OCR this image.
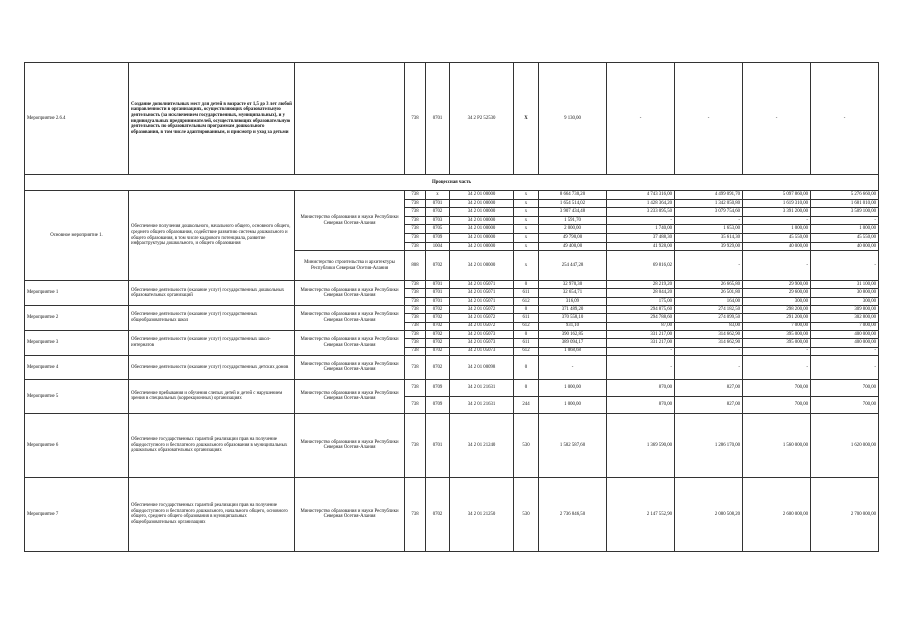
Мероприятие 2.6.4	Создание дополнительных мест для детей в возрасте от 1,5 до 3 лет любой направленности в организациях, осуществляющих образовательную деятельность (за исключением государственных, муниципальных), и у индивидуальных предпринимателей, осуществляющих образовательную деятельность по образовательным программам дошкольного образования, в том числе адаптированным, и присмотр и уход за детьми		738	0701	34 2 P2 52530	Х	9 130,00	-	-	-	-
Процессная часть											
Основное мероприятие 1.	Обеспечение получения дошкольного, начального общего, основного общего, среднего общего образования, содействие развитию системы дошкольного и общего образования, в том числе кадрового потенциала, развитие инфраструктуры дошкольного, и общего образования	Министерство образования и науки Республики Северная Осетия-Алания	738	x	34 2 01 00000	x	8 664 730,20	4 743 316,00	4 499 091,70	5 097 860,00	5 276 660,00
			738	0701	34 2 01 00000	x	1 654 514,02	1 428 364,20	1 342 050,80	1 619 310,00	1 681 010,00
			738	0702	34 2 01 00000	x	3 907 434,48	3 233 095,50	3 079 754,60	3 391 200,00	3 509 100,00
			738	0703	34 2 01 00000	x	1 591,70	-	-	-	-
			738	0705	34 2 01 00000	x	2 000,00	1 740,00	1 653,00	1 000,00	1 000,00
			738	0709	34 2 01 00000	x	49 790,00	37 488,30	35 614,30	45 550,00	45 550,00
			738	1004	34 2 01 00000	x	49 400,00	41 928,00	39 929,00	40 000,00	40 000,00
		Министерство строительства и архитектуры Республики Северная Осетия-Алания	808	0702	34 2 01 00000	x	254 447,28	69 816,02	-	-	-
Мероприятие 1	Обеспечение деятельности (оказание услуг) государственных дошкольных образовательных организаций	Министерство образования и науки Республики Северная Осетия-Алания	738	0701	34 2 01 05071	0	32 970,30	28 219,20	26 665,80	29 900,00	31 100,00
			738	0701	34 2 01 05071	611	32 654,71	28 044,20	26 501,80	29 600,00	30 800,00
			738	0701	34 2 01 05071	612	316,09	175,00	164,00	300,00	300,00
Мероприятие 2	Обеспечение деятельности (оказание услуг) государственных общеобразовательных школ	Министерство образования и науки Республики Северная Осетия-Алания	738	0702	34 2 01 05072	0	371 489,20	294 875,60	274 182,50	298 200,00	309 800,00
			738	0702	34 2 01 05072	611	370 558,10	294 788,60	274 099,50	291 200,00	302 800,00
			738	0702	34 2 01 05072	612	931,10	87,00	83,00	7 000,00	7 000,00
Мероприятие 3	Обеспечение деятельности (оказание услуг) государственных школ-интернатов	Министерство образования и науки Республики Северная Осетия-Алания	738	0702	34 2 01 05073	0	390 162,85	331 217,00	314 662,90	395 000,00	400 000,00
			738	0702	34 2 01 05073	611	389 094,17	331 217,00	314 662,90	395 000,00	400 000,00
			738	0702	34 2 01 05073	612	1 068,68	-	-	-	-
Мероприятие 4	Обеспечение деятельности (оказание услуг) государственных детских домов	Министерство образования и науки Республики Северная Осетия-Алания	738	0702	34 2 01 00098	0	-	-	-	-	-
Мероприятие 5	Обеспечение пребывания и обучения слепых детей и детей с нарушением зрения в специальных (коррекционных) организациях	Министерство образования и науки Республики Северная Осетия-Алания	738	0709	34 2 01 21631	0	1 000,00	870,00	827,00	700,00	700,00
			738	0709	34 2 01 21631	244	1 000,00	870,00	827,00	700,00	700,00
Мероприятие 6	Обеспечение государственных гарантий реализации прав на получение общедоступного и бесплатного дошкольного образования в муниципальных дошкольных образовательных организациях	Министерство образования и науки Республики Северная Осетия-Алания	738	0701	34 2 01 21240	530	1 582 587,60	1 369 590,00	1 286 170,00	1 560 000,00	1 620 000,00
Мероприятие 7	Обеспечение государственных гарантий реализации прав на получение общедоступного и бесплатного дошкольного, начального общего, основного общего, среднего общего образования в муниципальных общеобразовательных организациях	Министерство образования и науки Республики Северная Осетия-Алания	738	0702	34 2 01 21250	530	2 736 846,50	2 147 552,90	2 080 508,20	2 600 000,00	2 700 000,00
